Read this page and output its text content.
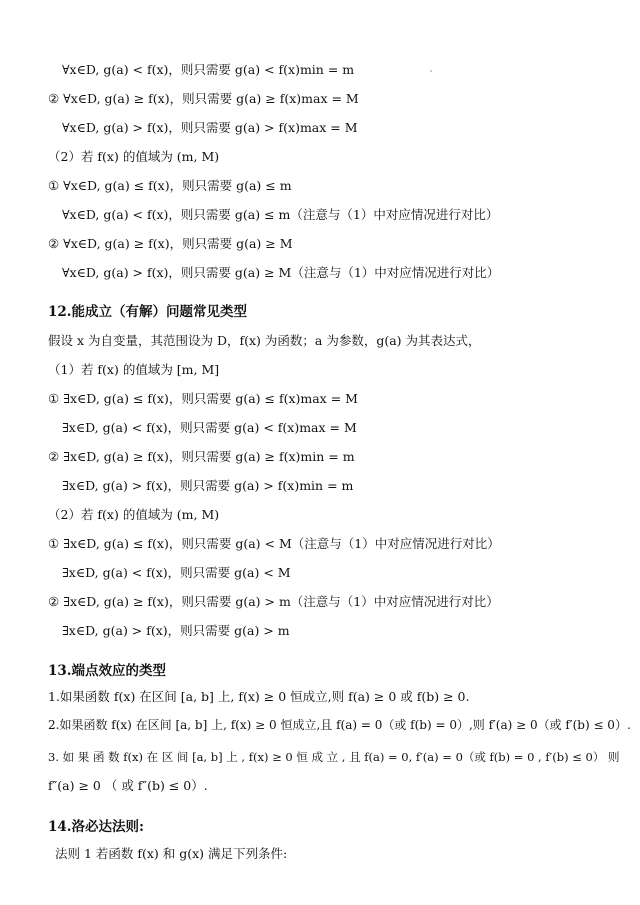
∀x∈D, g(a) < f(x)，则只需要 g(a) < f(x)min = m
② ∀x∈D, g(a) ≥ f(x)，则只需要 g(a) ≥ f(x)max = M
∀x∈D, g(a) > f(x)，则只需要 g(a) > f(x)max = M
（2）若 f(x) 的值域为 (m, M)
① ∀x∈D, g(a) ≤ f(x)，则只需要 g(a) ≤ m
∀x∈D, g(a) < f(x)，则只需要 g(a) ≤ m（注意与（1）中对应情况进行对比）
② ∀x∈D, g(a) ≥ f(x)，则只需要 g(a) ≥ M
∀x∈D, g(a) > f(x)，则只需要 g(a) ≥ M（注意与（1）中对应情况进行对比）
12.能成立（有解）问题常见类型
假设 x 为自变量，其范围设为 D，f(x) 为函数；a 为参数，g(a) 为其表达式，
（1）若 f(x) 的值域为 [m, M]
① ∃x∈D, g(a) ≤ f(x)，则只需要 g(a) ≤ f(x)max = M
∃x∈D, g(a) < f(x)，则只需要 g(a) < f(x)max = M
② ∃x∈D, g(a) ≥ f(x)，则只需要 g(a) ≥ f(x)min = m
∃x∈D, g(a) > f(x)，则只需要 g(a) > f(x)min = m
（2）若 f(x) 的值域为 (m, M)
① ∃x∈D, g(a) ≤ f(x)，则只需要 g(a) < M（注意与（1）中对应情况进行对比）
∃x∈D, g(a) < f(x)，则只需要 g(a) < M
② ∃x∈D, g(a) ≥ f(x)，则只需要 g(a) > m（注意与（1）中对应情况进行对比）
∃x∈D, g(a) > f(x)，则只需要 g(a) > m
13.端点效应的类型
1.如果函数 f(x) 在区间 [a, b] 上, f(x) ≥ 0 恒成立,则 f(a) ≥ 0 或 f(b) ≥ 0.
2.如果函数 f(x) 在区间 [a, b] 上, f(x) ≥ 0 恒成立,且 f(a) = 0（或 f(b) = 0）,则 f′(a) ≥ 0（或 f′(b) ≤ 0）.
3. 如 果 函 数 f(x) 在 区 间 [a, b] 上 , f(x) ≥ 0 恒 成 立 , 且 f(a) = 0, f′(a) = 0（或 f(b) = 0 , f′(b) ≤ 0） 则
f″(a) ≥ 0 （ 或 f″(b) ≤ 0）.
14.洛必达法则:
法则 1 若函数 f(x) 和 g(x) 满足下列条件:
